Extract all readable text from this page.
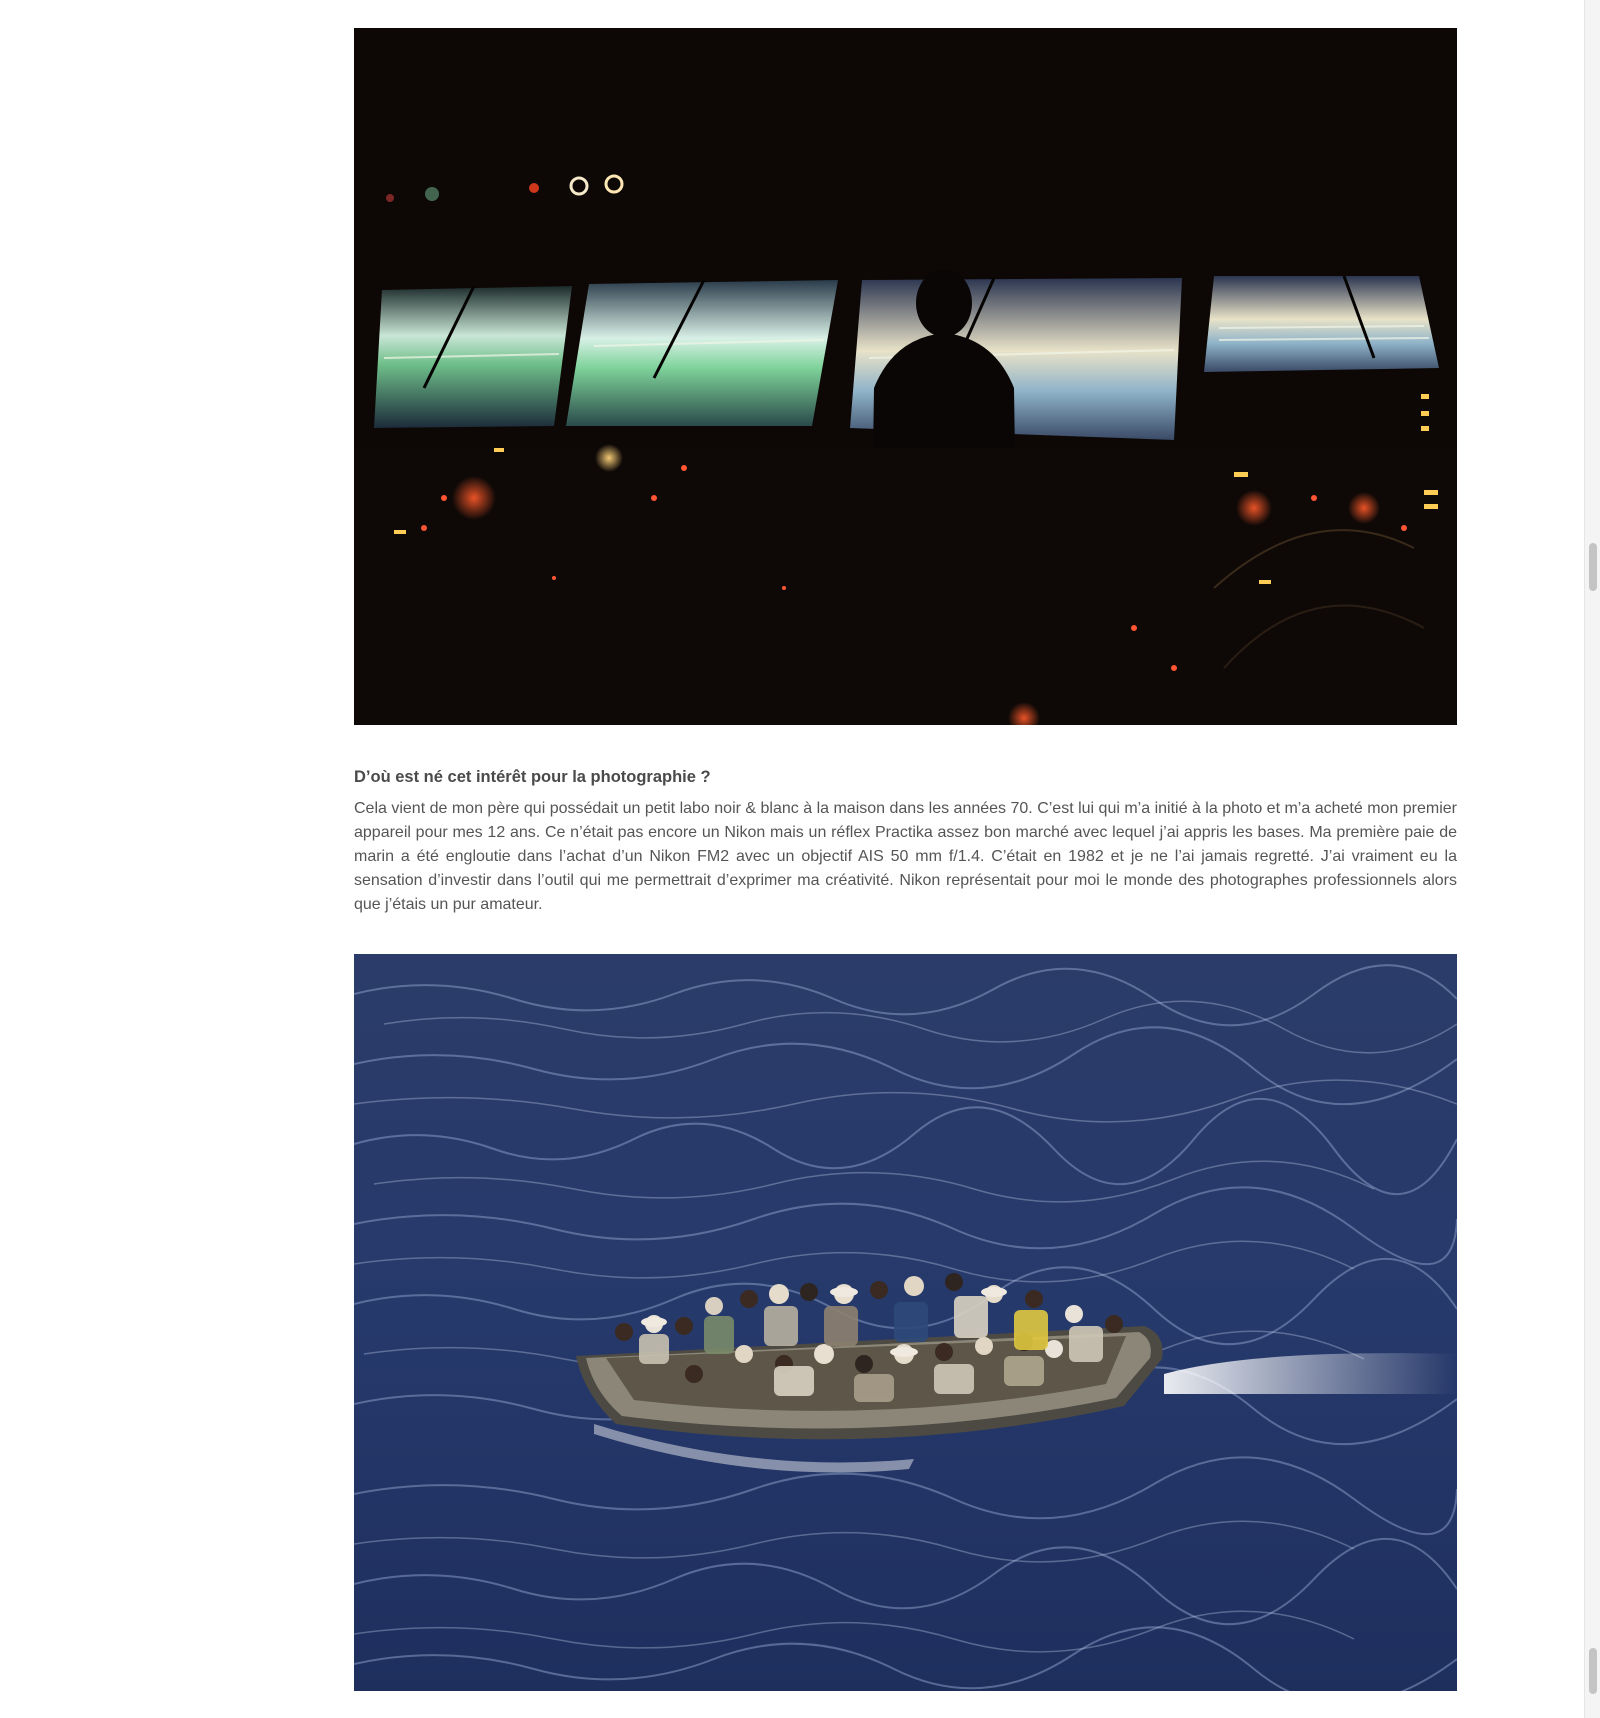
D’où est né cet intérêt pour la photographie ?

Cela vient de mon père qui possédait un petit labo noir & blanc à la maison dans les années 70. C’est lui qui m’a initié à la photo et m’a acheté mon premier appareil pour mes 12 ans. Ce n’était pas encore un Nikon mais un réflex Practika assez bon marché avec lequel j’ai appris les bases. Ma première paie de marin a été engloutie dans l’achat d’un Nikon FM2 avec un objectif AIS 50 mm f/1.4. C’était en 1982 et je ne l’ai jamais regretté. J’ai vraiment eu la sensation d’investir dans l’outil qui me permettrait d’exprimer ma créativité. Nikon représentait pour moi le monde des photographes professionnels alors que j’étais un pur amateur.
